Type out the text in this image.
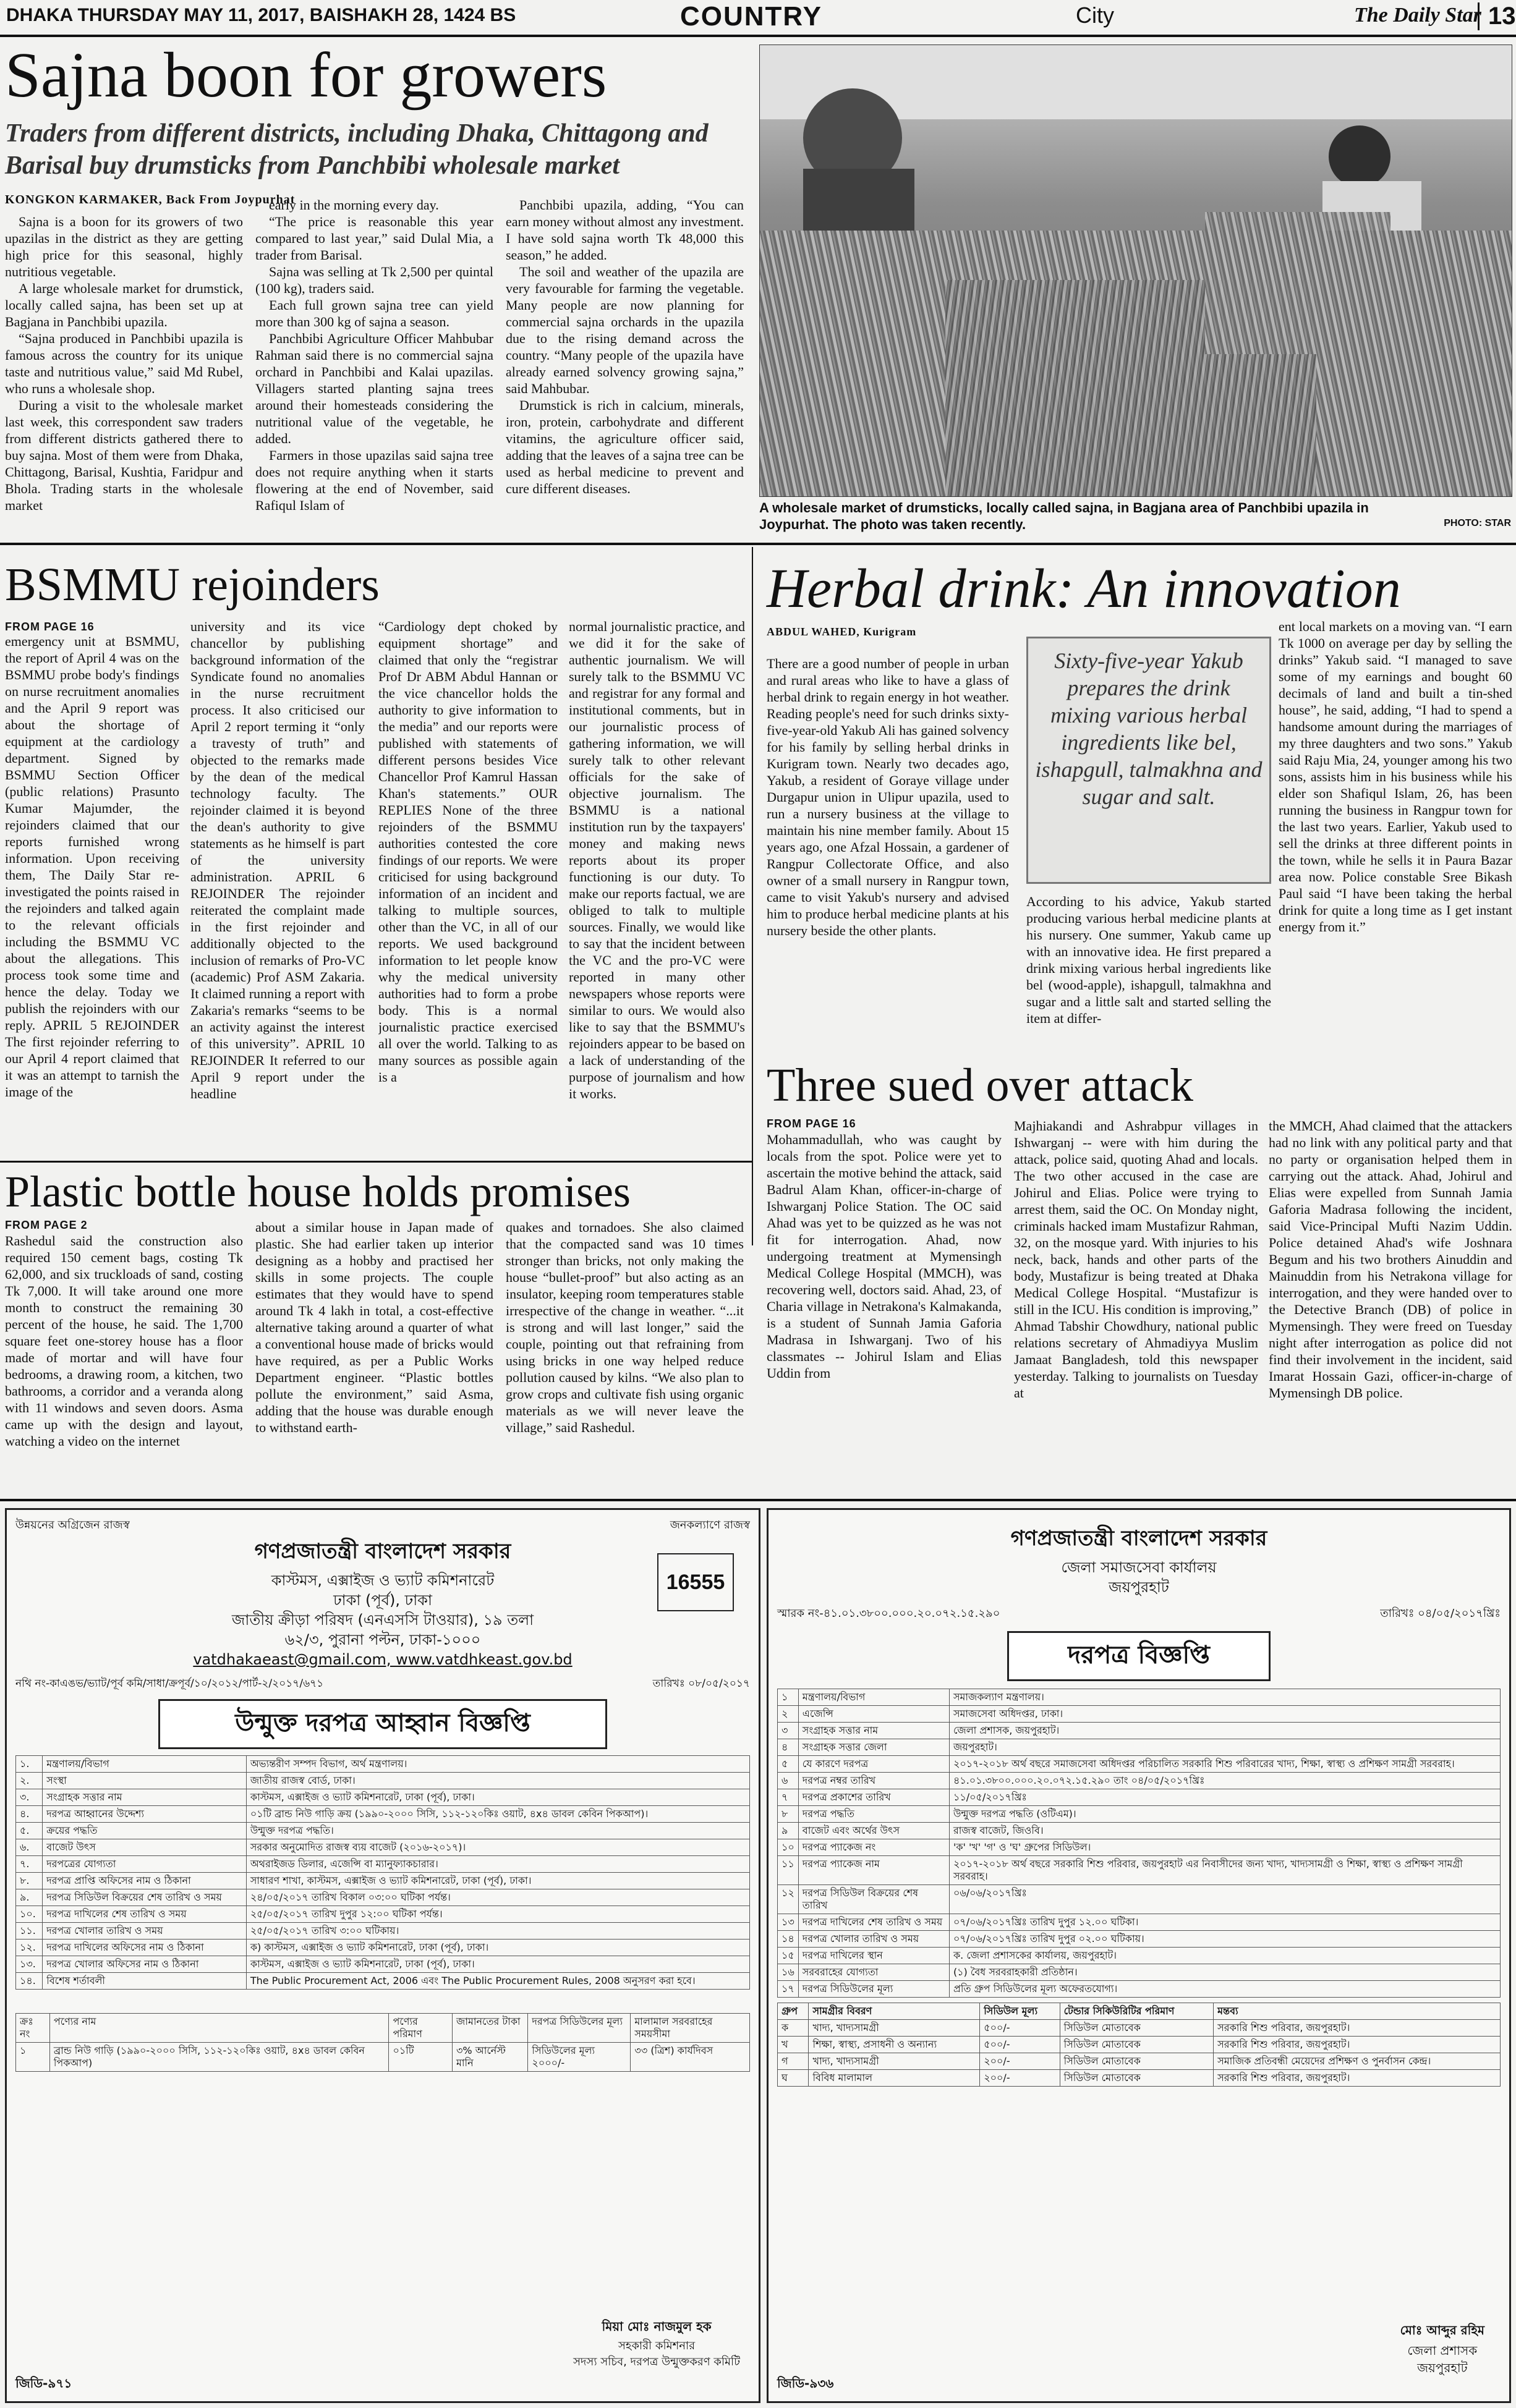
DHAKA THURSDAY MAY 11, 2017, BAISHAKH 28, 1424 BS	COUNTRY	City	The Daily Star 13
Sajna boon for growers
Traders from different districts, including Dhaka, Chittagong and Barisal buy drumsticks from Panchbibi wholesale market
KONGKON KARMAKER, Back From Joypurhat

Sajna is a boon for its growers of two upazilas in the district as they are getting high price for this seasonal, highly nutritious vegetable.

A large wholesale market for drumstick, locally called sajna, has been set up at Bagjana in Panchbibi upazila.

“Sajna produced in Panchbibi upazila is famous across the country for its unique taste and nutritious value,” said Md Rubel, who runs a wholesale shop.

During a visit to the wholesale market last week, this correspondent saw traders from different districts gathered there to buy sajna. Most of them were from Dhaka, Chittagong, Barisal, Kushtia, Faridpur and Bhola. Trading starts in the wholesale market

early in the morning every day.

“The price is reasonable this year compared to last year,” said Dulal Mia, a trader from Barisal.

Sajna was selling at Tk 2,500 per quintal (100 kg), traders said.

Each full grown sajna tree can yield more than 300 kg of sajna a season.

Panchbibi Agriculture Officer Mahbubar Rahman said there is no commercial sajna orchard in Panchbibi and Kalai upazilas. Villagers started planting sajna trees around their homesteads considering the nutritional value of the vegetable, he added.

Farmers in those upazilas said sajna tree does not require anything when it starts flowering at the end of November, said Rafiqul Islam of

Panchbibi upazila, adding, “You can earn money without almost any investment. I have sold sajna worth Tk 48,000 this season,” he added.

The soil and weather of the upazila are very favourable for farming the vegetable. Many people are now planning for commercial sajna orchards in the upazila due to the rising demand across the country. “Many people of the upazila have already earned solvency growing sajna,” said Mahbubar.

Drumstick is rich in calcium, minerals, iron, protein, carbohydrate and different vitamins, the agriculture officer said, adding that the leaves of a sajna tree can be used as herbal medicine to prevent and cure different diseases.

A wholesale market of drumsticks, locally called sajna, in Bagjana area of Panchbibi upazila in Joypurhat. The photo was taken recently.	PHOTO: STAR
BSMMU rejoinders
FROM PAGE 16
emergency unit at BSMMU, the report of April 4 was on the BSMMU probe body's findings on nurse recruitment anomalies and the April 9 report was about the shortage of equipment at the cardiology department. Signed by BSMMU Section Officer (public relations) Prasunto Kumar Majumder, the rejoinders claimed that our reports furnished wrong information. Upon receiving them, The Daily Star re-investigated the points raised in the rejoinders and talked again to the relevant officials including the BSMMU VC about the allegations. This process took some time and hence the delay. Today we publish the rejoinders with our reply. APRIL 5 REJOINDER The first rejoinder referring to our April 4 report claimed that it was an attempt to tarnish the image of the
university and its vice chancellor by publishing background information of the Syndicate found no anomalies in the nurse recruitment process. It also criticised our April 2 report terming it “only a travesty of truth” and objected to the remarks made by the dean of the medical technology faculty. The rejoinder claimed it is beyond the dean's authority to give statements as he himself is part of the university administration. APRIL 6 REJOINDER The rejoinder reiterated the complaint made in the first rejoinder and additionally objected to the inclusion of remarks of Pro-VC (academic) Prof ASM Zakaria. It claimed running a report with Zakaria's remarks “seems to be an activity against the interest of this university”. APRIL 10 REJOINDER It referred to our April 9 report under the headline
“Cardiology dept choked by equipment shortage” and claimed that only the “registrar Prof Dr ABM Abdul Hannan or the vice chancellor holds the authority to give information to the media” and our reports were published with statements of different persons besides Vice Chancellor Prof Kamrul Hassan Khan's statements.” OUR REPLIES None of the three rejoinders of the BSMMU authorities contested the core findings of our reports. We were criticised for using background information of an incident and talking to multiple sources, other than the VC, in all of our reports. We used background information to let people know why the medical university authorities had to form a probe body. This is a normal journalistic practice exercised all over the world. Talking to as many sources as possible again is a
normal journalistic practice, and we did it for the sake of authentic journalism. We will surely talk to the BSMMU VC and registrar for any formal and institutional comments, but in our journalistic process of gathering information, we will surely talk to other relevant officials for the sake of objective journalism. The BSMMU is a national institution run by the taxpayers' money and making news reports about its proper functioning is our duty. To make our reports factual, we are obliged to talk to multiple sources. Finally, we would like to say that the incident between the VC and the pro-VC were reported in many other newspapers whose reports were similar to ours. We would also like to say that the BSMMU's rejoinders appear to be based on a lack of understanding of the purpose of journalism and how it works.
Herbal drink: An innovation
ABDUL WAHED, Kurigram
There are a good number of people in urban and rural areas who like to have a glass of herbal drink to regain energy in hot weather. Reading people's need for such drinks sixty-five-year-old Yakub Ali has gained solvency for his family by selling herbal drinks in Kurigram town. Nearly two decades ago, Yakub, a resident of Goraye village under Durgapur union in Ulipur upazila, used to run a nursery business at the village to maintain his nine member family. About 15 years ago, one Afzal Hossain, a gardener of Rangpur Collectorate Office, and also owner of a small nursery in Rangpur town, came to visit Yakub's nursery and advised him to produce herbal medicine plants at his nursery beside the other plants.
Sixty-five-year Yakub prepares the drink mixing various herbal ingredients like bel, ishapgull, talmakhna and sugar and salt.
According to his advice, Yakub started producing various herbal medicine plants at his nursery. One summer, Yakub came up with an innovative idea. He first prepared a drink mixing various herbal ingredients like bel (wood-apple), ishapgull, talmakhna and sugar and a little salt and started selling the item at differ-
ent local markets on a moving van. “I earn Tk 1000 on average per day by selling the drinks” Yakub said. “I managed to save some of my earnings and bought 60 decimals of land and built a tin-shed house”, he said, adding, “I had to spend a handsome amount during the marriages of my three daughters and two sons.” Yakub said Raju Mia, 24, younger among his two sons, assists him in his business while his elder son Shafiqul Islam, 26, has been running the business in Rangpur town for the last two years. Earlier, Yakub used to sell the drinks at three different points in the town, while he sells it in Paura Bazar area now. Police constable Sree Bikash Paul said “I have been taking the herbal drink for quite a long time as I get instant energy from it.”
Three sued over attack
FROM PAGE 16
Mohammadullah, who was caught by locals from the spot. Police were yet to ascertain the motive behind the attack, said Badrul Alam Khan, officer-in-charge of Ishwarganj Police Station. The OC said Ahad was yet to be quizzed as he was not fit for interrogation. Ahad, now undergoing treatment at Mymensingh Medical College Hospital (MMCH), was recovering well, doctors said. Ahad, 23, of Charia village in Netrakona's Kalmakanda, is a student of Sunnah Jamia Gaforia Madrasa in Ishwarganj. Two of his classmates -- Johirul Islam and Elias Uddin from
Majhiakandi and Ashrabpur villages in Ishwarganj -- were with him during the attack, police said, quoting Ahad and locals. The two other accused in the case are Johirul and Elias. Police were trying to arrest them, said the OC. On Monday night, criminals hacked imam Mustafizur Rahman, 32, on the mosque yard. With injuries to his neck, back, hands and other parts of the body, Mustafizur is being treated at Dhaka Medical College Hospital. “Mustafizur is still in the ICU. His condition is improving,” Ahmad Tabshir Chowdhury, national public relations secretary of Ahmadiyya Muslim Jamaat Bangladesh, told this newspaper yesterday. Talking to journalists on Tuesday at
the MMCH, Ahad claimed that the attackers had no link with any political party and that no party or organisation helped them in carrying out the attack. Ahad, Johirul and Elias were expelled from Sunnah Jamia Gaforia Madrasa following the incident, said Vice-Principal Mufti Nazim Uddin. Police detained Ahad's wife Joshnara Begum and his two brothers Ainuddin and Mainuddin from his Netrakona village for interrogation, and they were handed over to the Detective Branch (DB) of police in Mymensingh. They were freed on Tuesday night after interrogation as police did not find their involvement in the incident, said Imarat Hossain Gazi, officer-in-charge of Mymensingh DB police.
Plastic bottle house holds promises
FROM PAGE 2
Rashedul said the construction also required 150 cement bags, costing Tk 62,000, and six truckloads of sand, costing Tk 7,000. It will take around one more month to construct the remaining 30 percent of the house, he said. The 1,700 square feet one-storey house has a floor made of mortar and will have four bedrooms, a drawing room, a kitchen, two bathrooms, a corridor and a veranda along with 11 windows and seven doors. Asma came up with the design and layout, watching a video on the internet
about a similar house in Japan made of plastic. She had earlier taken up interior designing as a hobby and practised her skills in some projects. The couple estimates that they would have to spend around Tk 4 lakh in total, a cost-effective alternative taking around a quarter of what a conventional house made of bricks would have required, as per a Public Works Department engineer. “Plastic bottles pollute the environment,” said Asma, adding that the house was durable enough to withstand earth-
quakes and tornadoes. She also claimed that the compacted sand was 10 times stronger than bricks, not only making the house “bullet-proof” but also acting as an insulator, keeping room temperatures stable irrespective of the change in weather. “...it is strong and will last longer,” said the couple, pointing out that refraining from using bricks in one way helped reduce pollution caused by kilns. “We also plan to grow crops and cultivate fish using organic materials as we will never leave the village,” said Rashedul.
উন্নয়নের অগ্রিজেন রাজস্ব	জনকল্যাণে রাজস্ব
গণপ্রজাতন্ত্রী বাংলাদেশ সরকার
কাস্টমস, এক্সাইজ ও ভ্যাট কমিশনারেট
ঢাকা (পূর্ব), ঢাকা
জাতীয় ক্রীড়া পরিষদ (এনএসসি টাওয়ার), ১৯ তলা
৬২/৩, পুরানা পল্টন, ঢাকা-১০০০
vatdhakaeast@gmail.com, www.vatdhkeast.gov.bd
16555
নথি নং-কাএঙভ/ভ্যাট/পূর্ব কমি/সাধা/ক্রপূর্ব/১০/২০১২/পার্ট-২/২০১৭/৬৭১	তারিখঃ ০৮/০৫/২০১৭
উন্মুক্ত দরপত্র আহ্বান বিজ্ঞপ্তি
১.	মন্ত্রণালয়/বিভাগ	অভ্যন্তরীণ সম্পদ বিভাগ, অর্থ মন্ত্রণালয়।
২.	সংস্থা	জাতীয় রাজস্ব বোর্ড, ঢাকা।
৩.	সংগ্রাহক সত্তার নাম	কাস্টমস, এক্সাইজ ও ভ্যাট কমিশনারেট, ঢাকা (পূর্ব), ঢাকা।
৪.	দরপত্র আহ্বানের উদ্দেশ্য	০১টি ব্রান্ড নিউ গাড়ি ক্রয় (১৯৯০-২০০০ সিসি, ১১২-১২০কিঃ ওয়াট, ৪x৪ ডাবল কেবিন পিকআপ)।
৫.	ক্রয়ের পদ্ধতি	উন্মুক্ত দরপত্র পদ্ধতি।
৬.	বাজেট উৎস	সরকার অনুমোদিত রাজস্ব ব্যয় বাজেট (২০১৬-২০১৭)।
৭.	দরপত্রের যোগ্যতা	অথরাইজড ডিলার, এজেন্সি বা ম্যানুফ্যাকচারার।
৮.	দরপত্র প্রাপ্তি অফিসের নাম ও ঠিকানা	সাধারণ শাখা, কাস্টমস, এক্সাইজ ও ভ্যাট কমিশনারেট, ঢাকা (পূর্ব), ঢাকা।
৯.	দরপত্র সিডিউল বিক্রয়ের শেষ তারিখ ও সময়	২৪/০৫/২০১৭ তারিখ বিকাল ০৩:০০ ঘটিকা পর্যন্ত।
১০.	দরপত্র দাখিলের শেষ তারিখ ও সময়	২৫/০৫/২০১৭ তারিখ দুপুর ১২:০০ ঘটিকা পর্যন্ত।
১১.	দরপত্র খোলার তারিখ ও সময়	২৫/০৫/২০১৭ তারিখ ৩:০০ ঘটিকায়।
১২.	দরপত্র দাখিলের অফিসের নাম ও ঠিকানা	ক) কাস্টমস, এক্সাইজ ও ভ্যাট কমিশনারেট, ঢাকা (পূর্ব), ঢাকা।
১৩.	দরপত্র খোলার অফিসের নাম ও ঠিকানা	কাস্টমস, এক্সাইজ ও ভ্যাট কমিশনারেট, ঢাকা (পূর্ব), ঢাকা।
১৪.	বিশেষ শর্তাবলী	The Public Procurement Act, 2006 এবং The Public Procurement Rules, 2008 অনুসরণ করা হবে।

ক্রঃ নং	পণ্যের নাম	পণ্যের পরিমাণ	জামানতের টাকা	দরপত্র সিডিউলের মূল্য	মালামাল সরবরাহের সময়সীমা
১	ব্রান্ড নিউ গাড়ি (১৯৯০-২০০০ সিসি, ১১২-১২০কিঃ ওয়াট, ৪x৪ ডাবল কেবিন পিকআপ)	০১টি	৩% আর্নেস্ট মানি	সিডিউলের মূল্য ২০০০/-	৩৩ (ত্রিশ) কার্যদিবস
মিয়া মোঃ নাজমুল হক
সহকারী কমিশনার
সদস্য সচিব, দরপত্র উন্মুক্তকরণ কমিটি
জিডি-৯৭১
গণপ্রজাতন্ত্রী বাংলাদেশ সরকার
জেলা সমাজসেবা কার্যালয়
জয়পুরহাট
স্মারক নং-৪১.০১.৩৮০০.০০০.২০.০৭২.১৫.২৯০	তারিখঃ ০৪/০৫/২০১৭খ্রিঃ
দরপত্র বিজ্ঞপ্তি
১	মন্ত্রণালয়/বিভাগ	সমাজকল্যাণ মন্ত্রণালয়।
২	এজেন্সি	সমাজসেবা অধিদপ্তর, ঢাকা।
৩	সংগ্রাহক সত্তার নাম	জেলা প্রশাসক, জয়পুরহাট।
৪	সংগ্রাহক সত্তার জেলা	জয়পুরহাট।
৫	যে কারণে দরপত্র	২০১৭-২০১৮ অর্থ বছরে সমাজসেবা অধিদপ্তর পরিচালিত সরকারি শিশু পরিবারের খাদ্য, শিক্ষা, স্বাস্থ্য ও প্রশিক্ষণ সামগ্রী সরবরাহ।
৬	দরপত্র নম্বর তারিখ	৪১.০১.৩৮০০.০০০.২০.০৭২.১৫.২৯০ তাং ০৪/০৫/২০১৭খ্রিঃ
৭	দরপত্র প্রকাশের তারিখ	১১/০৫/২০১৭খ্রিঃ
৮	দরপত্র পদ্ধতি	উন্মুক্ত দরপত্র পদ্ধতি (ওটিএম)।
৯	বাজেট এবং অর্থের উৎস	রাজস্ব বাজেট, জিওবি।
১০	দরপত্র প্যাকেজ নং	'ক' 'খ' 'গ' ও 'ঘ' গ্রুপের সিডিউল।
১১	দরপত্র প্যাকেজ নাম	২০১৭-২০১৮ অর্থ বছরে সরকারি শিশু পরিবার, জয়পুরহাট এর নিবাসীদের জন্য খাদ্য, খাদ্যসামগ্রী ও শিক্ষা, স্বাস্থ্য ও প্রশিক্ষণ সামগ্রী সরবরাহ।
১২	দরপত্র সিডিউল বিক্রয়ের শেষ তারিখ	০৬/০৬/২০১৭খ্রিঃ
১৩	দরপত্র দাখিলের শেষ তারিখ ও সময়	০৭/০৬/২০১৭খ্রিঃ তারিখ দুপুর ১২.০০ ঘটিকা।
১৪	দরপত্র খোলার তারিখ ও সময়	০৭/০৬/২০১৭খ্রিঃ তারিখ দুপুর ০২.০০ ঘটিকায়।
১৫	দরপত্র দাখিলের স্থান	ক. জেলা প্রশাসকের কার্যালয়, জয়পুরহাট।
১৬	সরবরাহের যোগ্যতা	(১) বৈধ সরবরাহকারী প্রতিষ্ঠান।
১৭	দরপত্র সিডিউলের মূল্য	প্রতি গ্রুপ সিডিউলের মূল্য অফেরতযোগ্য।
গ্রুপ	সামগ্রীর বিবরণ	সিডিউল মূল্য	টেন্ডার সিকিউরিটির পরিমাণ	মন্তব্য
ক	খাদ্য, খাদ্যসামগ্রী	৫০০/-	সিডিউল মোতাবেক	সরকারি শিশু পরিবার, জয়পুরহাট।
খ	শিক্ষা, স্বাস্থ্য, প্রসাধনী ও অন্যান্য	৫০০/-	সিডিউল মোতাবেক	সরকারি শিশু পরিবার, জয়পুরহাট।
গ	খাদ্য, খাদ্যসামগ্রী	২০০/-	সিডিউল মোতাবেক	সমাজিক প্রতিবন্ধী মেয়েদের প্রশিক্ষণ ও পুনর্বাসন কেন্দ্র।
ঘ	বিবিধ মালামাল	২০০/-	সিডিউল মোতাবেক	সরকারি শিশু পরিবার, জয়পুরহাট।
মোঃ আব্দুর রহিম
জেলা প্রশাসক
জয়পুরহাট
জিডি-৯৩৬
